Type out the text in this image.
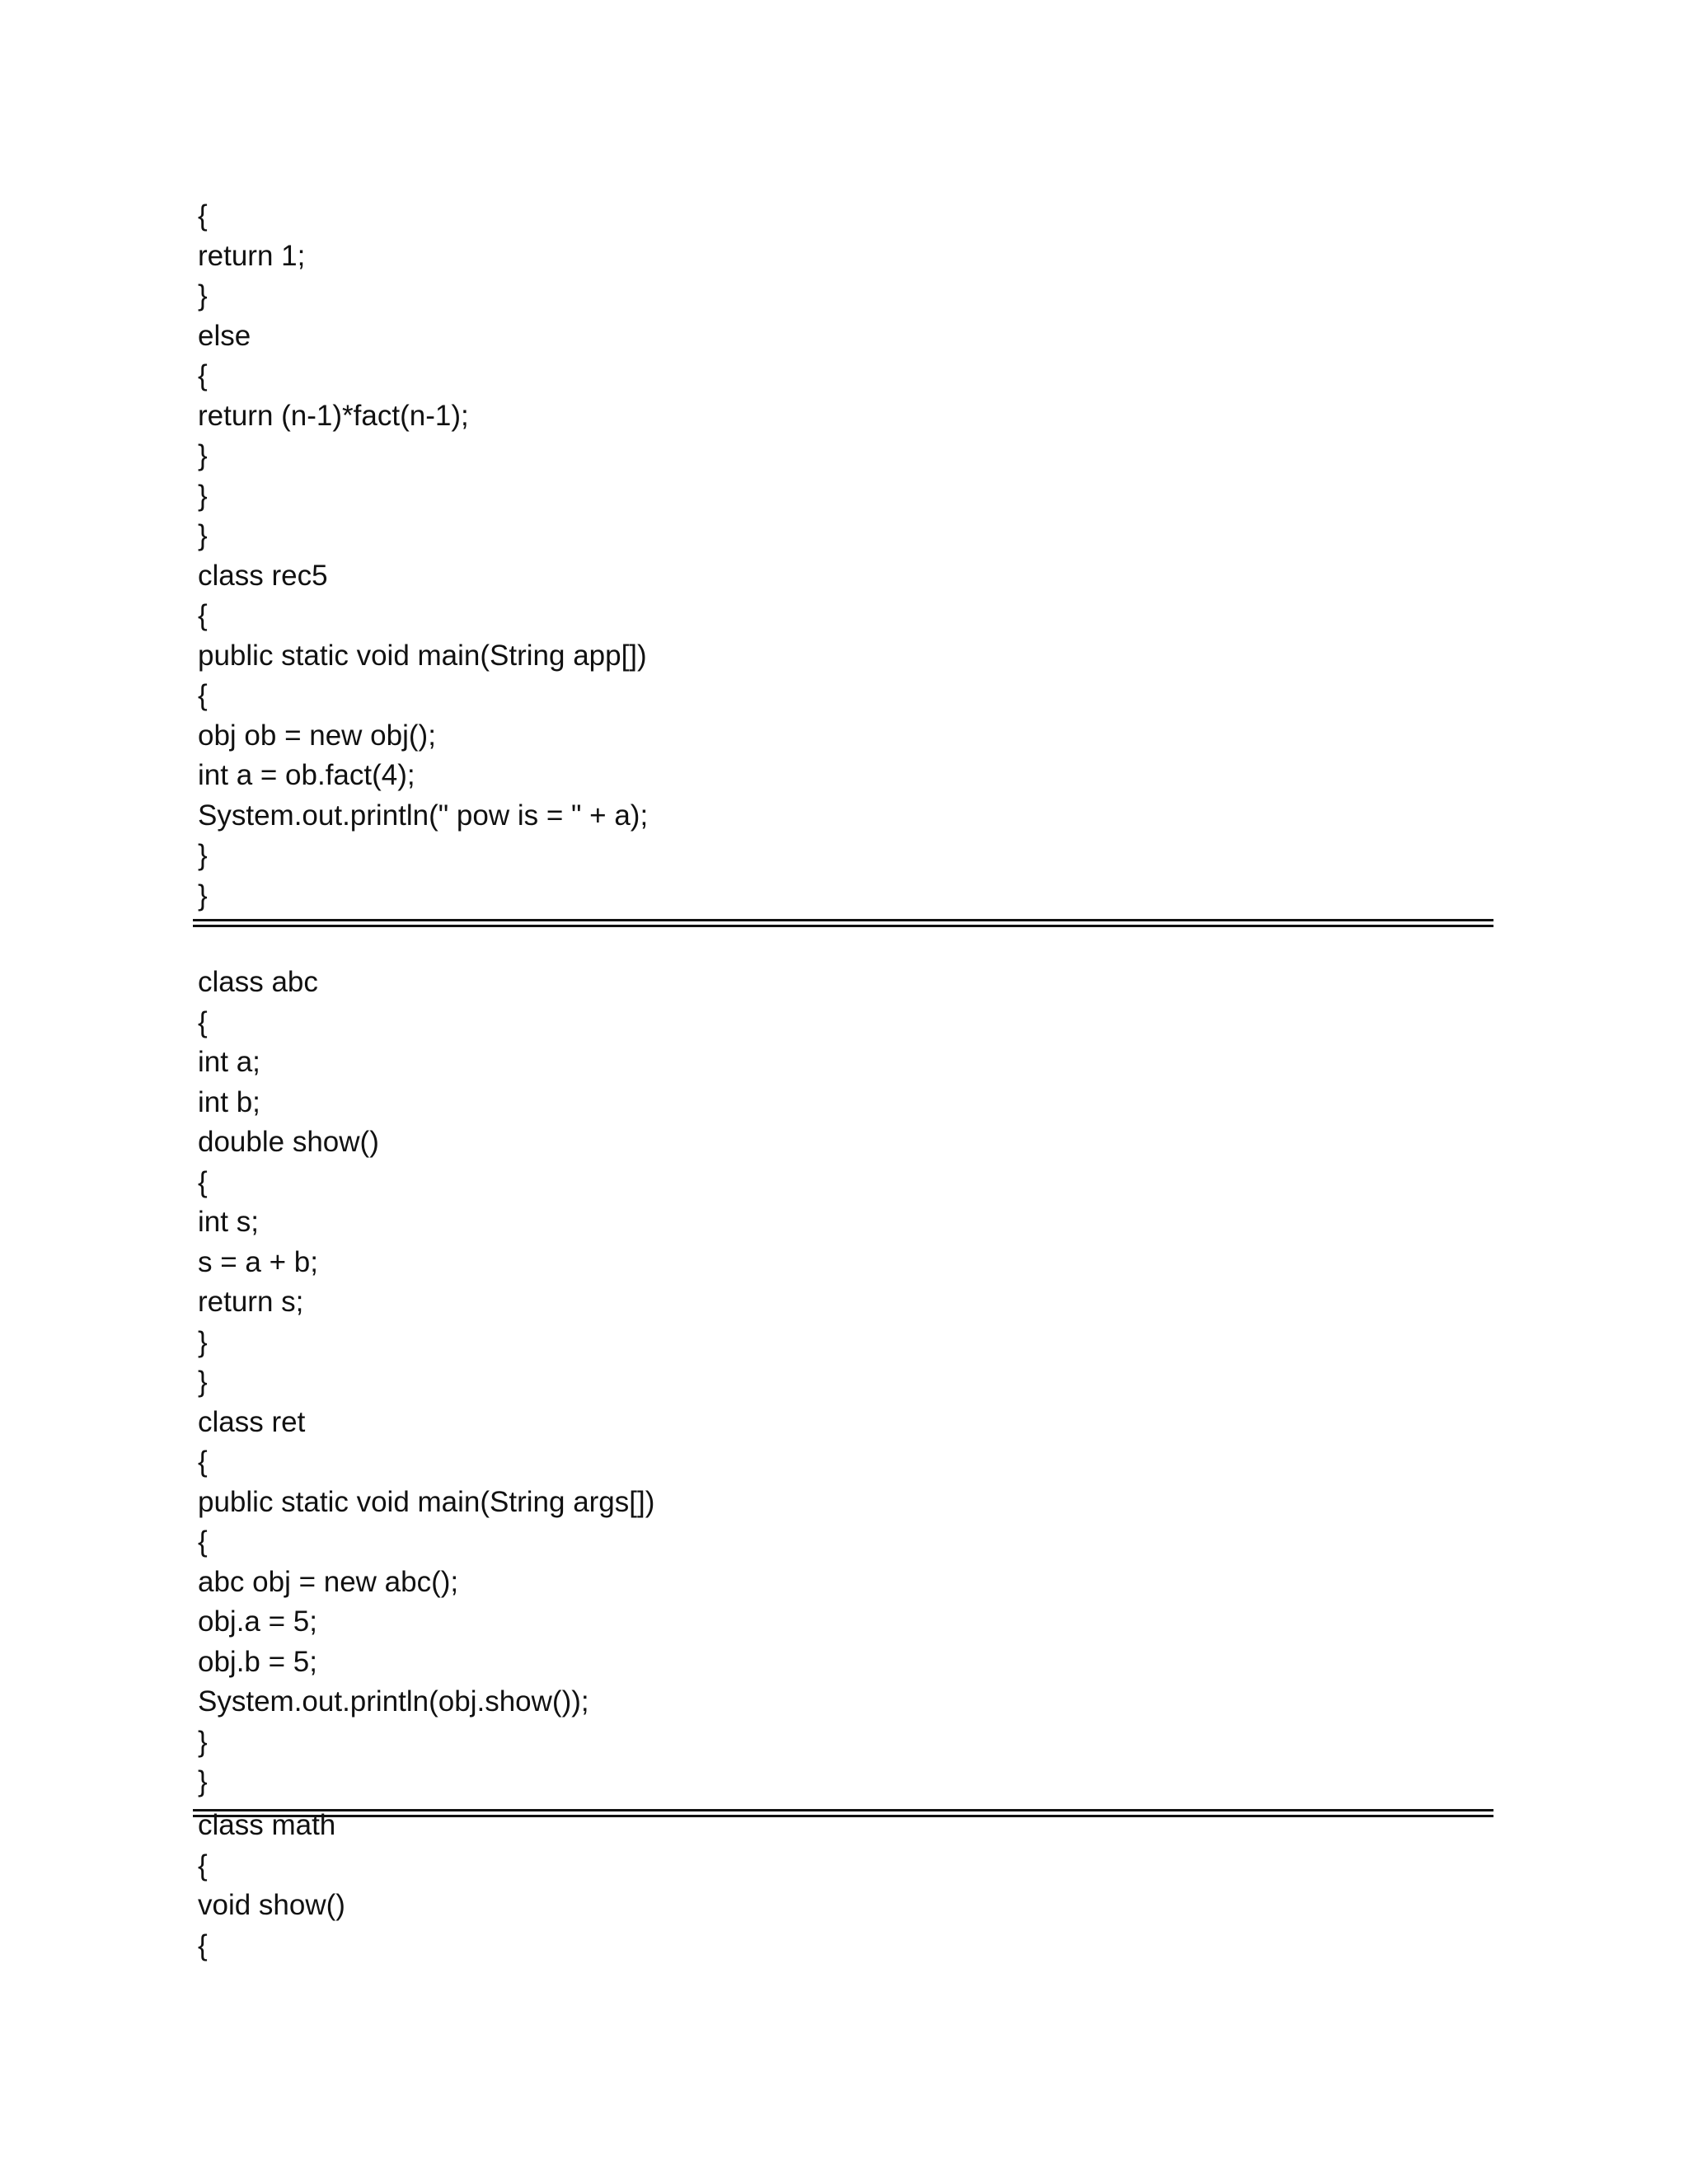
{
return 1;
}
else
{
return (n-1)*fact(n-1);
}
}
}
class rec5
{
public static void main(String app[])
{
obj ob = new obj();
int a = ob.fact(4);
System.out.println(" pow is = " + a);
}
}
class abc
{
int a;
int b;
double show()
{
int s;
s = a + b;
return s;
}
}
class ret
{
public static void main(String args[])
{
abc obj = new abc();
obj.a = 5;
obj.b = 5;
System.out.println(obj.show());
}
}
class math
{
void show()
{
